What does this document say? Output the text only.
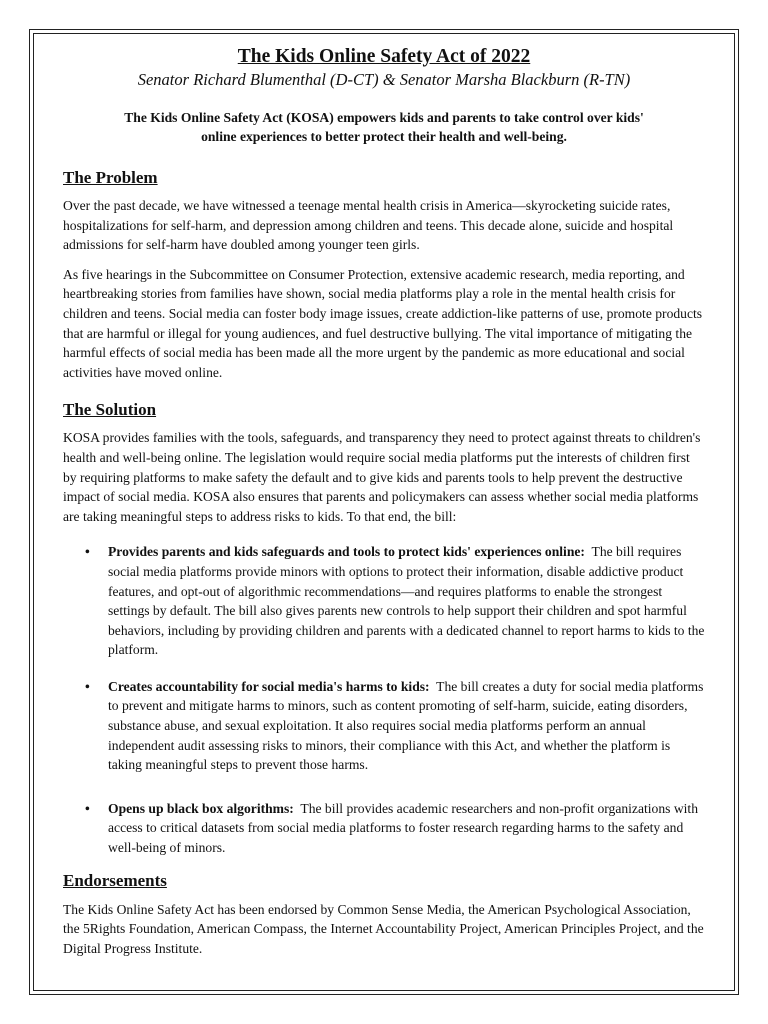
The Kids Online Safety Act of 2022

Senator Richard Blumenthal (D-CT) & Senator Marsha Blackburn (R-TN)

The Kids Online Safety Act (KOSA) empowers kids and parents to take control over kids'
online experiences to better protect their health and well-being.
The Problem

Over the past decade, we have witnessed a teenage mental health crisis in America—skyrocketing suicide rates, hospitalizations for self-harm, and depression among children and teens. This decade alone, suicide and hospital admissions for self-harm have doubled among younger teen girls.

As five hearings in the Subcommittee on Consumer Protection, extensive academic research, media reporting, and heartbreaking stories from families have shown, social media platforms play a role in the mental health crisis for children and teens. Social media can foster body image issues, create addiction-like patterns of use, promote products that are harmful or illegal for young audiences, and fuel destructive bullying. The vital importance of mitigating the harmful effects of social media has been made all the more urgent by the pandemic as more educational and social activities have moved online.

The Solution

KOSA provides families with the tools, safeguards, and transparency they need to protect against threats to children's health and well-being online. The legislation would require social media platforms put the interests of children first by requiring platforms to make safety the default and to give kids and parents tools to help prevent the destructive impact of social media. KOSA also ensures that parents and policymakers can assess whether social media platforms are taking meaningful steps to address risks to kids. To that end, the bill:

• Provides parents and kids safeguards and tools to protect kids' experiences online: The bill requires social media platforms provide minors with options to protect their information, disable addictive product features, and opt-out of algorithmic recommendations—and requires platforms to enable the strongest settings by default. The bill also gives parents new controls to help support their children and spot harmful behaviors, including by providing children and parents with a dedicated channel to report harms to kids to the platform.
• Creates accountability for social media's harms to kids: The bill creates a duty for social media platforms to prevent and mitigate harms to minors, such as content promoting of self-harm, suicide, eating disorders, substance abuse, and sexual exploitation. It also requires social media platforms perform an annual independent audit assessing risks to minors, their compliance with this Act, and whether the platform is taking meaningful steps to prevent those harms.
• Opens up black box algorithms: The bill provides academic researchers and non-profit organizations with access to critical datasets from social media platforms to foster research regarding harms to the safety and well-being of minors.
Endorsements

The Kids Online Safety Act has been endorsed by Common Sense Media, the American Psychological Association, the 5Rights Foundation, American Compass, the Internet Accountability Project, American Principles Project, and the Digital Progress Institute.
